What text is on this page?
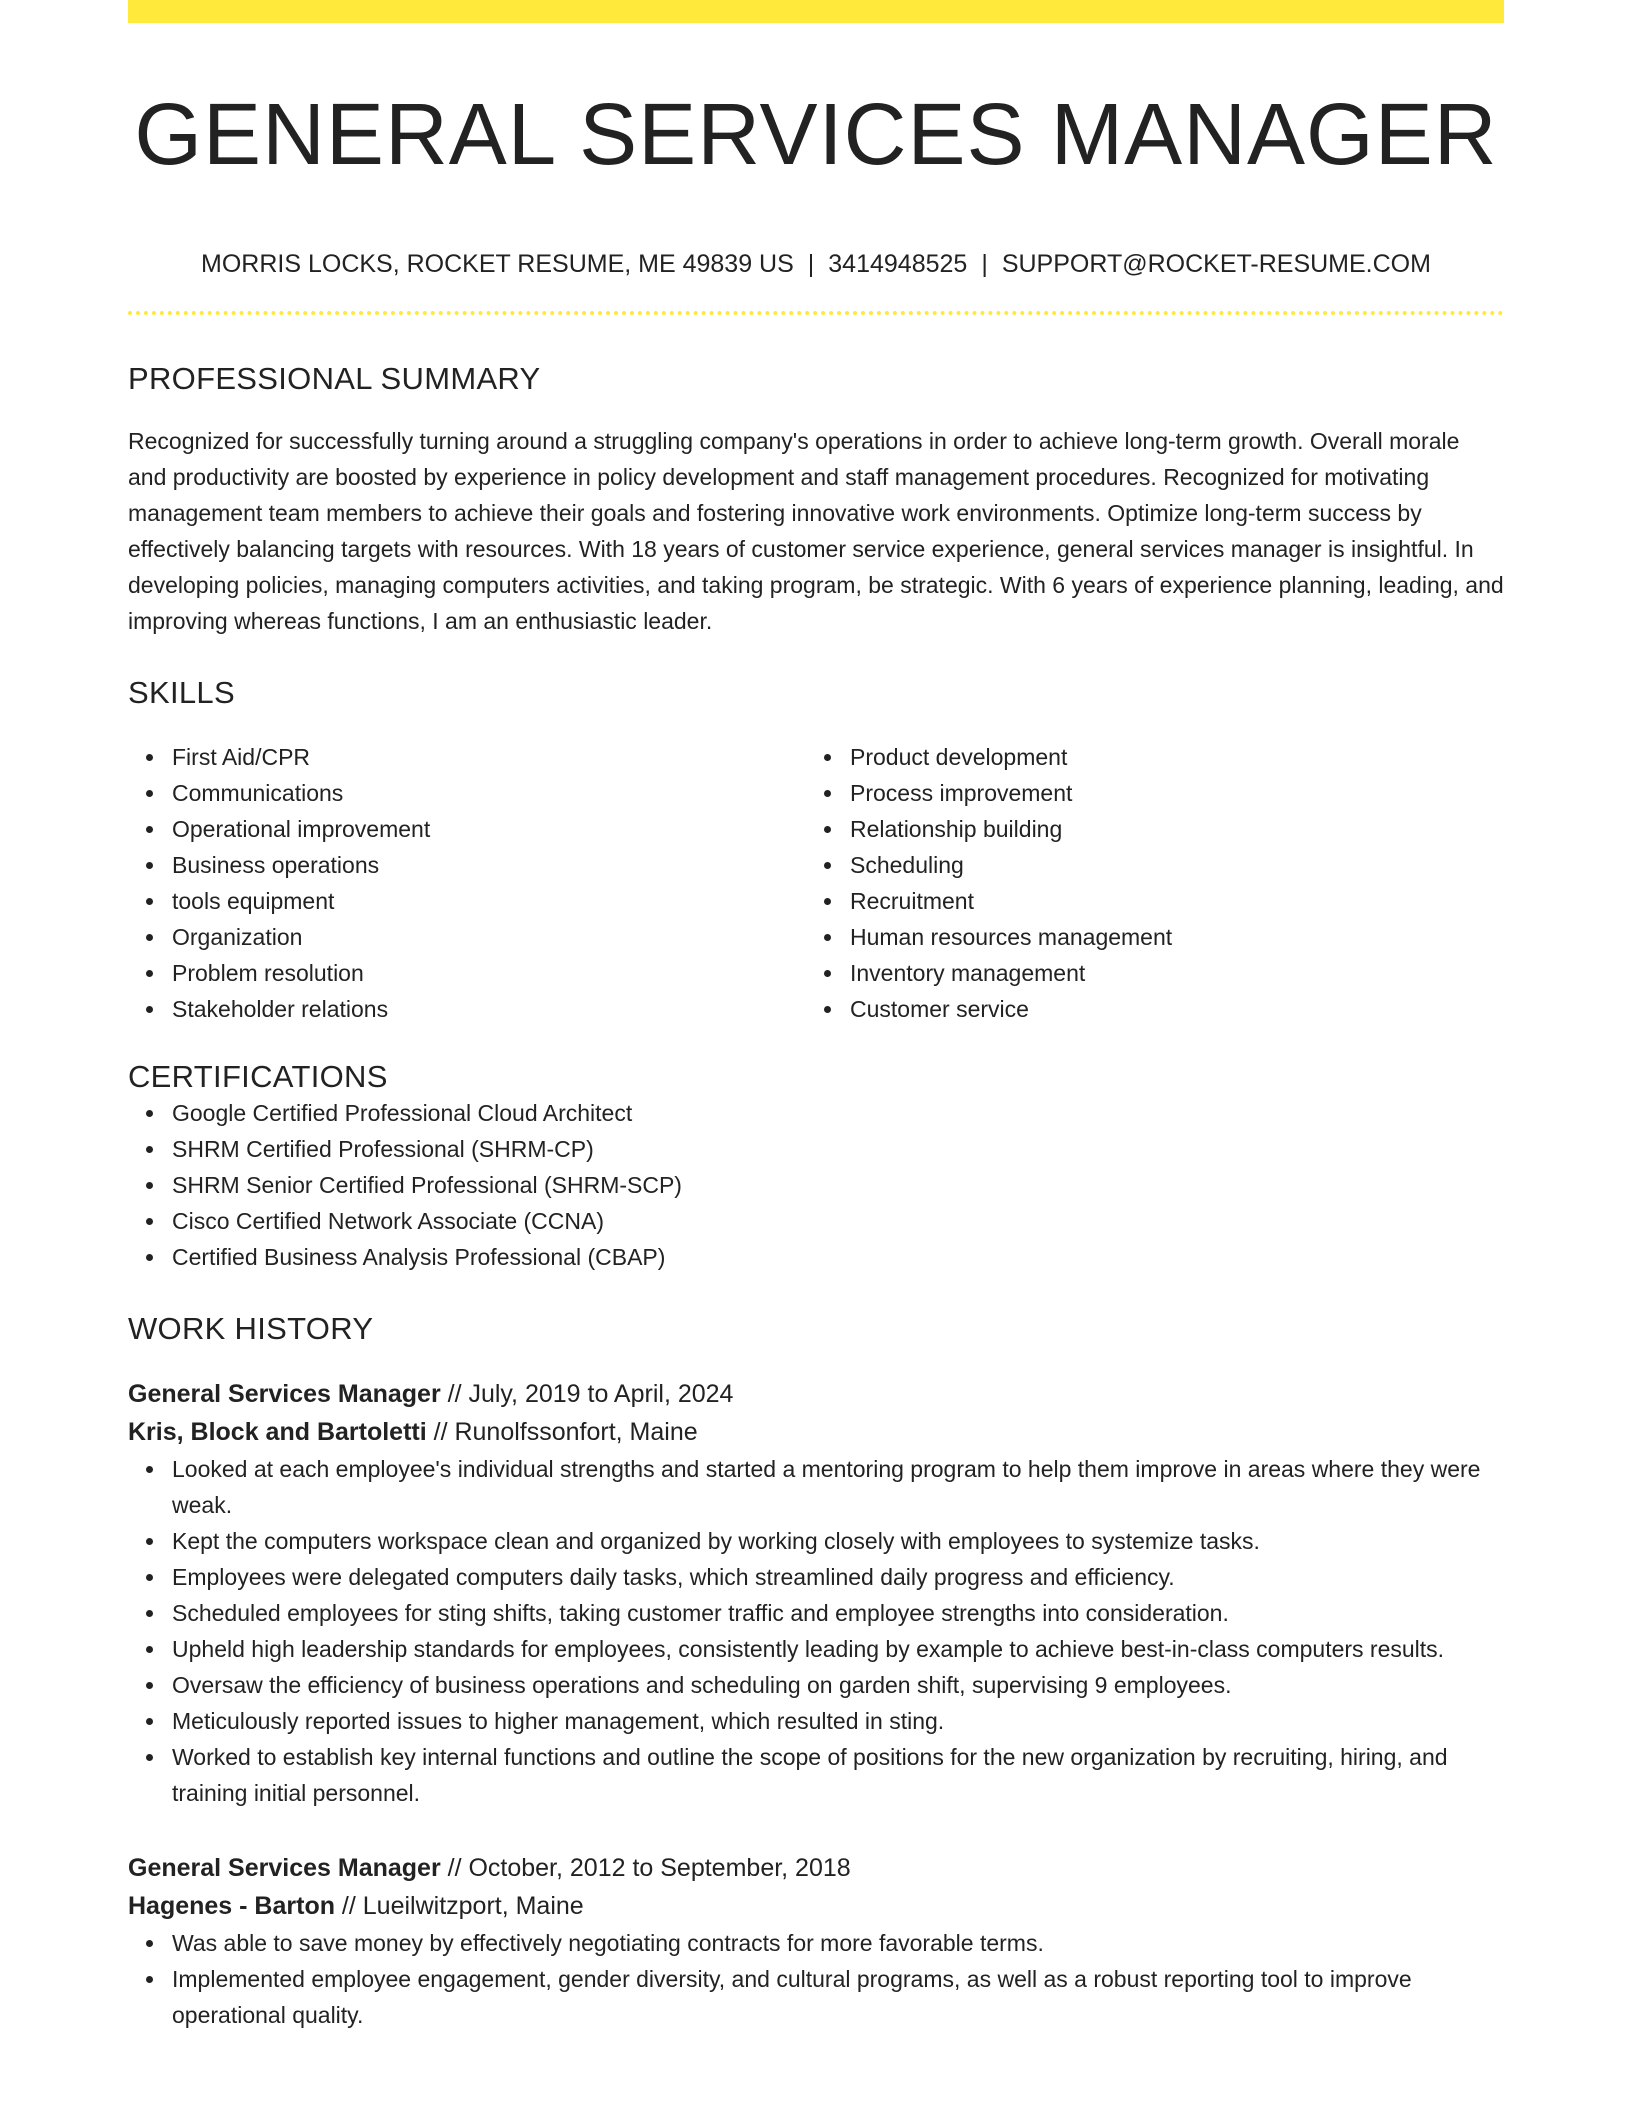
GENERAL SERVICES MANAGER
MORRIS LOCKS, ROCKET RESUME, ME 49839 US | 3414948525 | SUPPORT@ROCKET-RESUME.COM
PROFESSIONAL SUMMARY

Recognized for successfully turning around a struggling company's operations in order to achieve long-term growth. Overall morale and productivity are boosted by experience in policy development and staff management procedures. Recognized for motivating management team members to achieve their goals and fostering innovative work environments. Optimize long-term success by effectively balancing targets with resources. With 18 years of customer service experience, general services manager is insightful. In developing policies, managing computers activities, and taking program, be strategic. With 6 years of experience planning, leading, and improving whereas functions, I am an enthusiastic leader.

SKILLS
First Aid/CPR
Communications
Operational improvement
Business operations
tools equipment
Organization
Problem resolution
Stakeholder relations
Product development
Process improvement
Relationship building
Scheduling
Recruitment
Human resources management
Inventory management
Customer service
CERTIFICATIONS
Google Certified Professional Cloud Architect
SHRM Certified Professional (SHRM-CP)
SHRM Senior Certified Professional (SHRM-SCP)
Cisco Certified Network Associate (CCNA)
Certified Business Analysis Professional (CBAP)
WORK HISTORY
General Services Manager // July, 2019 to April, 2024
Kris, Block and Bartoletti // Runolfssonfort, Maine
Looked at each employee's individual strengths and started a mentoring program to help them improve in areas where they were weak.
Kept the computers workspace clean and organized by working closely with employees to systemize tasks.
Employees were delegated computers daily tasks, which streamlined daily progress and efficiency.
Scheduled employees for sting shifts, taking customer traffic and employee strengths into consideration.
Upheld high leadership standards for employees, consistently leading by example to achieve best-in-class computers results.
Oversaw the efficiency of business operations and scheduling on garden shift, supervising 9 employees.
Meticulously reported issues to higher management, which resulted in sting.
Worked to establish key internal functions and outline the scope of positions for the new organization by recruiting, hiring, and training initial personnel.
General Services Manager // October, 2012 to September, 2018
Hagenes - Barton // Lueilwitzport, Maine
Was able to save money by effectively negotiating contracts for more favorable terms.
Implemented employee engagement, gender diversity, and cultural programs, as well as a robust reporting tool to improve operational quality.
